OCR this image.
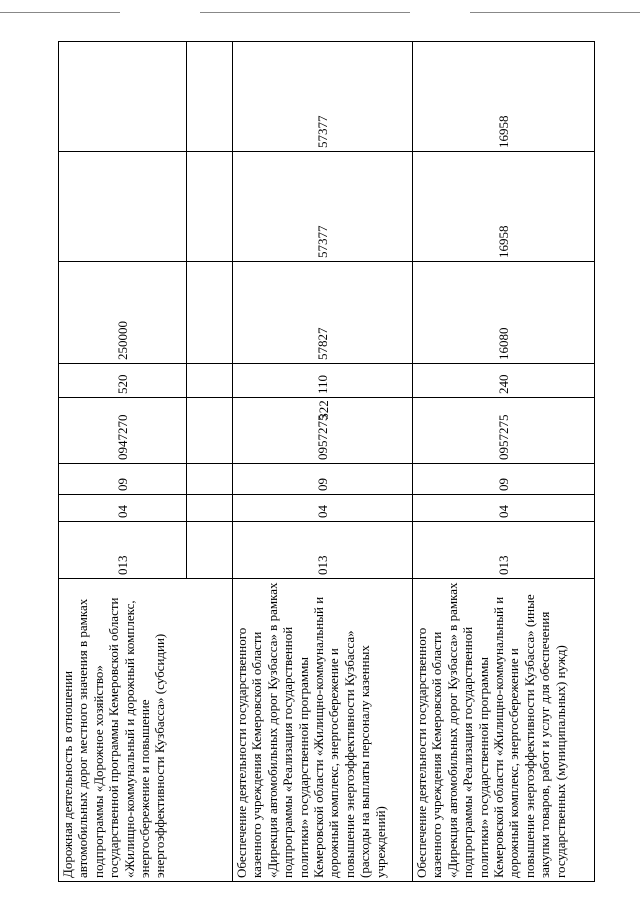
322
Дорожная деятельность в отношении автомобильных дорог местного значения в рамках подпрограммы «Дорожное хозяйство» государственной программы Кемеровской области «Жилищно-коммунальный и дорожный комплекс, энергосбережение и повышение энергоэффективности Кузбасса» (субсидии)	013	04	09	0947270	520	250000		

Обеспечение деятельности государственного казенного учреждения Кемеровской области «Дирекция автомобильных дорог Кузбасса» в рамках подпрограммы «Реализация государственной политики» государственной программы Кемеровской области «Жилищно-коммунальный и дорожный комплекс, энергосбережение и повышение энергоэффективности Кузбасса» (расходы на выплаты персоналу казенных учреждений)	013	04	09	0957275	110	57827	57377	57377
Обеспечение деятельности государственного казенного учреждения Кемеровской области «Дирекция автомобильных дорог Кузбасса» в рамках подпрограммы «Реализация государственной политики» государственной программы Кемеровской области «Жилищно-коммунальный и дорожный комплекс, энергосбережение и повышение энергоэффективности Кузбасса» (иные закупки товаров, работ и услуг для обеспечения государственных (муниципальных) нужд)	013	04	09	0957275	240	16080	16958	16958
